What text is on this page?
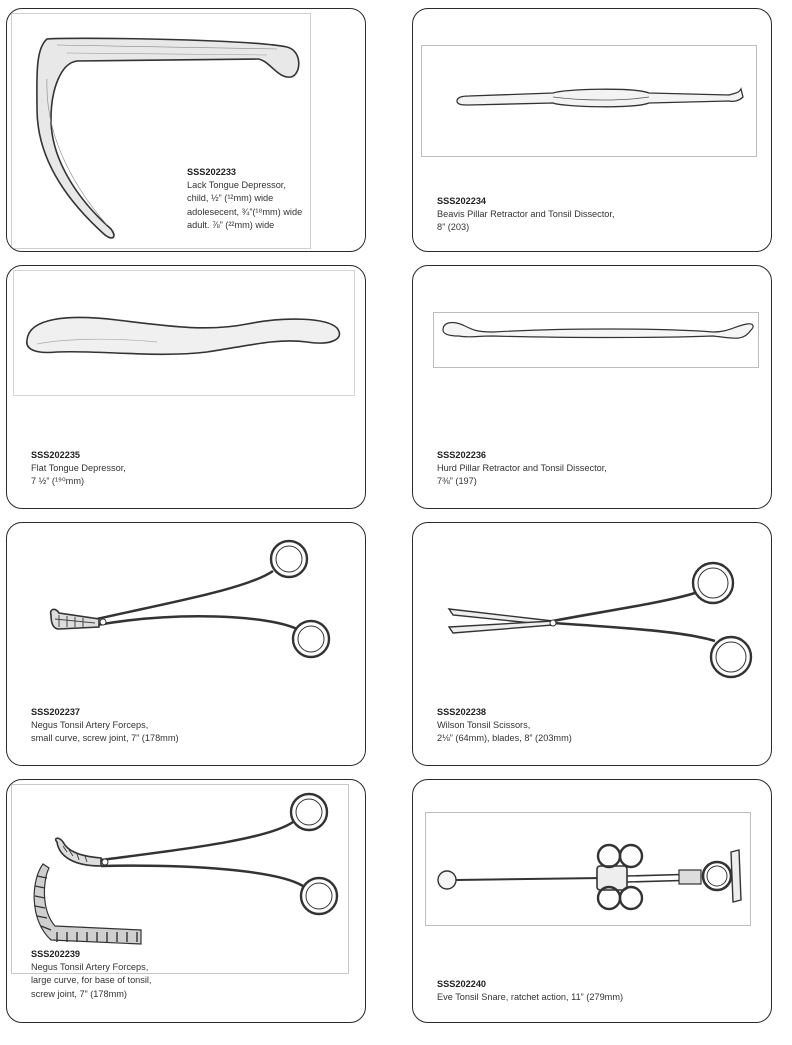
SSS202233
Lack Tongue Depressor,
child, ½” (¹²mm) wide
adolesecent, ¾”(¹⁸mm) wide
adult. ⅞” (²²mm) wide
SSS202234
Beavis Pillar Retractor and Tonsil Dissector,
8” (203)
SSS202235
Flat Tongue Depressor,
7 ½” (¹⁹⁰mm)
SSS202236
Hurd Pillar Retractor and Tonsil Dissector,
7⅜” (197)
SSS202237
Negus Tonsil Artery Forceps,
small curve, screw joint, 7” (178mm)
SSS202238
Wilson Tonsil Scissors,
2⅛” (64mm), blades, 8” (203mm)
SSS202239
Negus Tonsil Artery Forceps,
large curve, for base of tonsil,
screw joint, 7” (178mm)
SSS202240
Eve Tonsil Snare, ratchet action, 11” (279mm)
